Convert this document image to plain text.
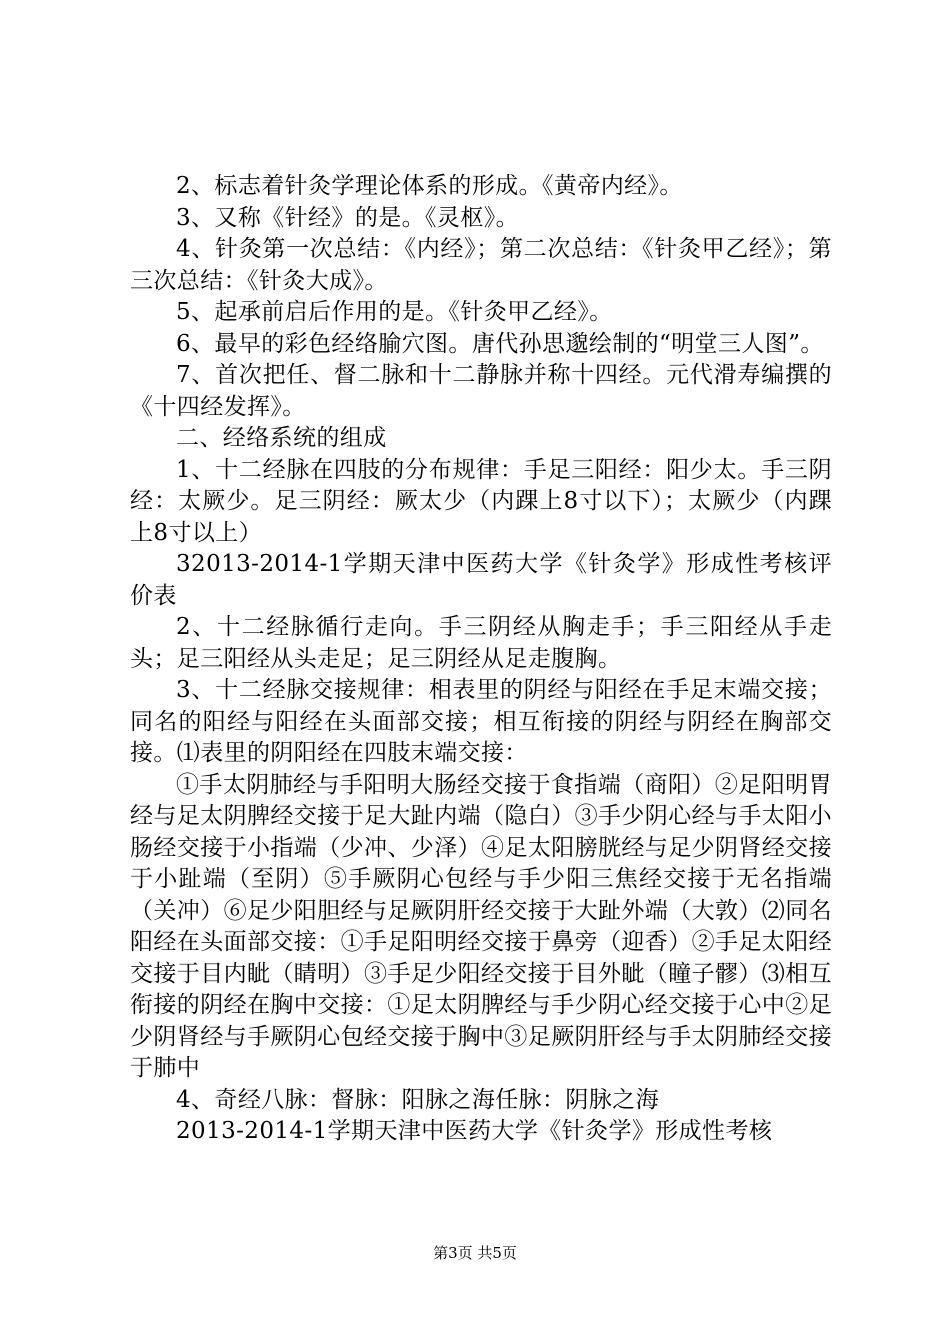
2、标志着针灸学理论体系的形成。《黄帝内经》。

3、又称《针经》的是。《灵枢》。

4、针灸第一次总结：《内经》；第二次总结：《针灸甲乙经》；第三次总结：《针灸大成》。

5、起承前启后作用的是。《针灸甲乙经》。

6、最早的彩色经络腧穴图。唐代孙思邈绘制的“明堂三人图”。

7、首次把任、督二脉和十二静脉并称十四经。元代滑寿编撰的《十四经发挥》。

二、经络系统的组成

1、十二经脉在四肢的分布规律：手足三阳经：阳少太。手三阴经：太厥少。足三阴经：厥太少（内踝上8寸以下）；太厥少（内踝上8寸以上）

32013-2014-1学期天津中医药大学《针灸学》形成性考核评价表

2、十二经脉循行走向。手三阴经从胸走手；手三阳经从手走头；足三阳经从头走足；足三阴经从足走腹胸。

3、十二经脉交接规律：相表里的阴经与阳经在手足末端交接；同名的阳经与阳经在头面部交接；相互衔接的阴经与阴经在胸部交接。⑴表里的阴阳经在四肢末端交接：

①手太阴肺经与手阳明大肠经交接于食指端（商阳）②足阳明胃经与足太阴脾经交接于足大趾内端（隐白）③手少阴心经与手太阳小肠经交接于小指端（少冲、少泽）④足太阳膀胱经与足少阴肾经交接于小趾端（至阴）⑤手厥阴心包经与手少阳三焦经交接于无名指端（关冲）⑥足少阳胆经与足厥阴肝经交接于大趾外端（大敦）⑵同名阳经在头面部交接：①手足阳明经交接于鼻旁（迎香）②手足太阳经交接于目内眦（睛明）③手足少阳经交接于目外眦（瞳子髎）⑶相互衔接的阴经在胸中交接：①足太阴脾经与手少阴心经交接于心中②足少阴肾经与手厥阴心包经交接于胸中③足厥阴肝经与手太阴肺经交接于肺中

4、奇经八脉：督脉：阳脉之海任脉：阴脉之海

2013-2014-1学期天津中医药大学《针灸学》形成性考核

第3页 共5页
